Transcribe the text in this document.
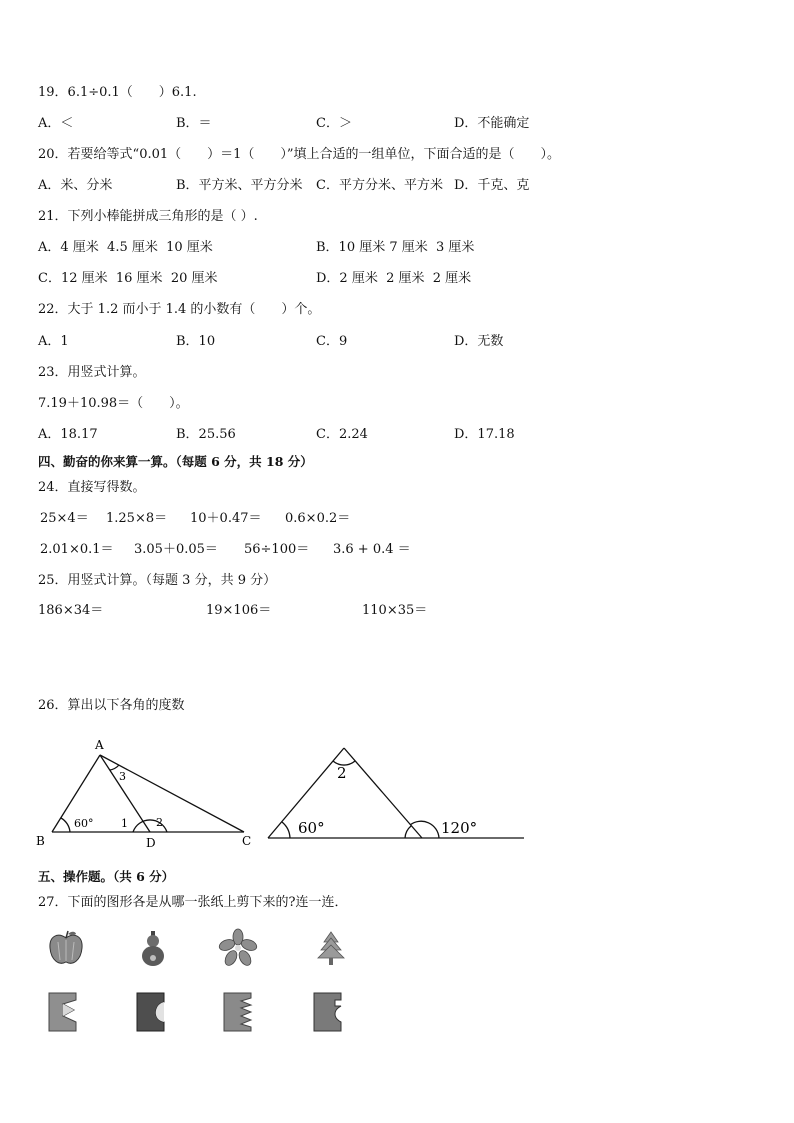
19．6.1÷0.1（　　）6.1.
A．＜	B．＝	C．＞	D．不能确定
20．若要给等式“0.01（　　）＝1（　　）”填上合适的一组单位，下面合适的是（　　）。
A．米、分米	B．平方米、平方分米 C．平方分米、平方米 D．千克、克
21．下列小棒能拼成三角形的是（ ）.
A．4 厘米  4.5 厘米  10 厘米	B．10 厘米 7 厘米  3 厘米
C．12 厘米  16 厘米  20 厘米	D．2 厘米  2 厘米  2 厘米
22．大于 1.2 而小于 1.4 的小数有（　　）个。
A．1	B．10	C．9	D．无数
23．用竖式计算。
7.19＋10.98＝（　　）。
A．18.17	B．25.56	C．2.24	D．17.18
四、勤奋的你来算一算。（每题 6 分，共 18 分）
24．直接写得数。
25×4＝ 1.25×8＝ 10＋0.47＝ 0.6×0.2＝
2.01×0.1＝ 3.05＋0.05＝ 56÷100＝ 3.6 + 0.4 ＝
25．用竖式计算。（每题 3 分，共 9 分）
186×34＝	19×106＝	110×35＝
26．算出以下各角的度数
A
B	C
D
60°	1	2
3	2
60°	120°
五、操作题。（共 6 分）
27．下面的图形各是从哪一张纸上剪下来的?连一连．
